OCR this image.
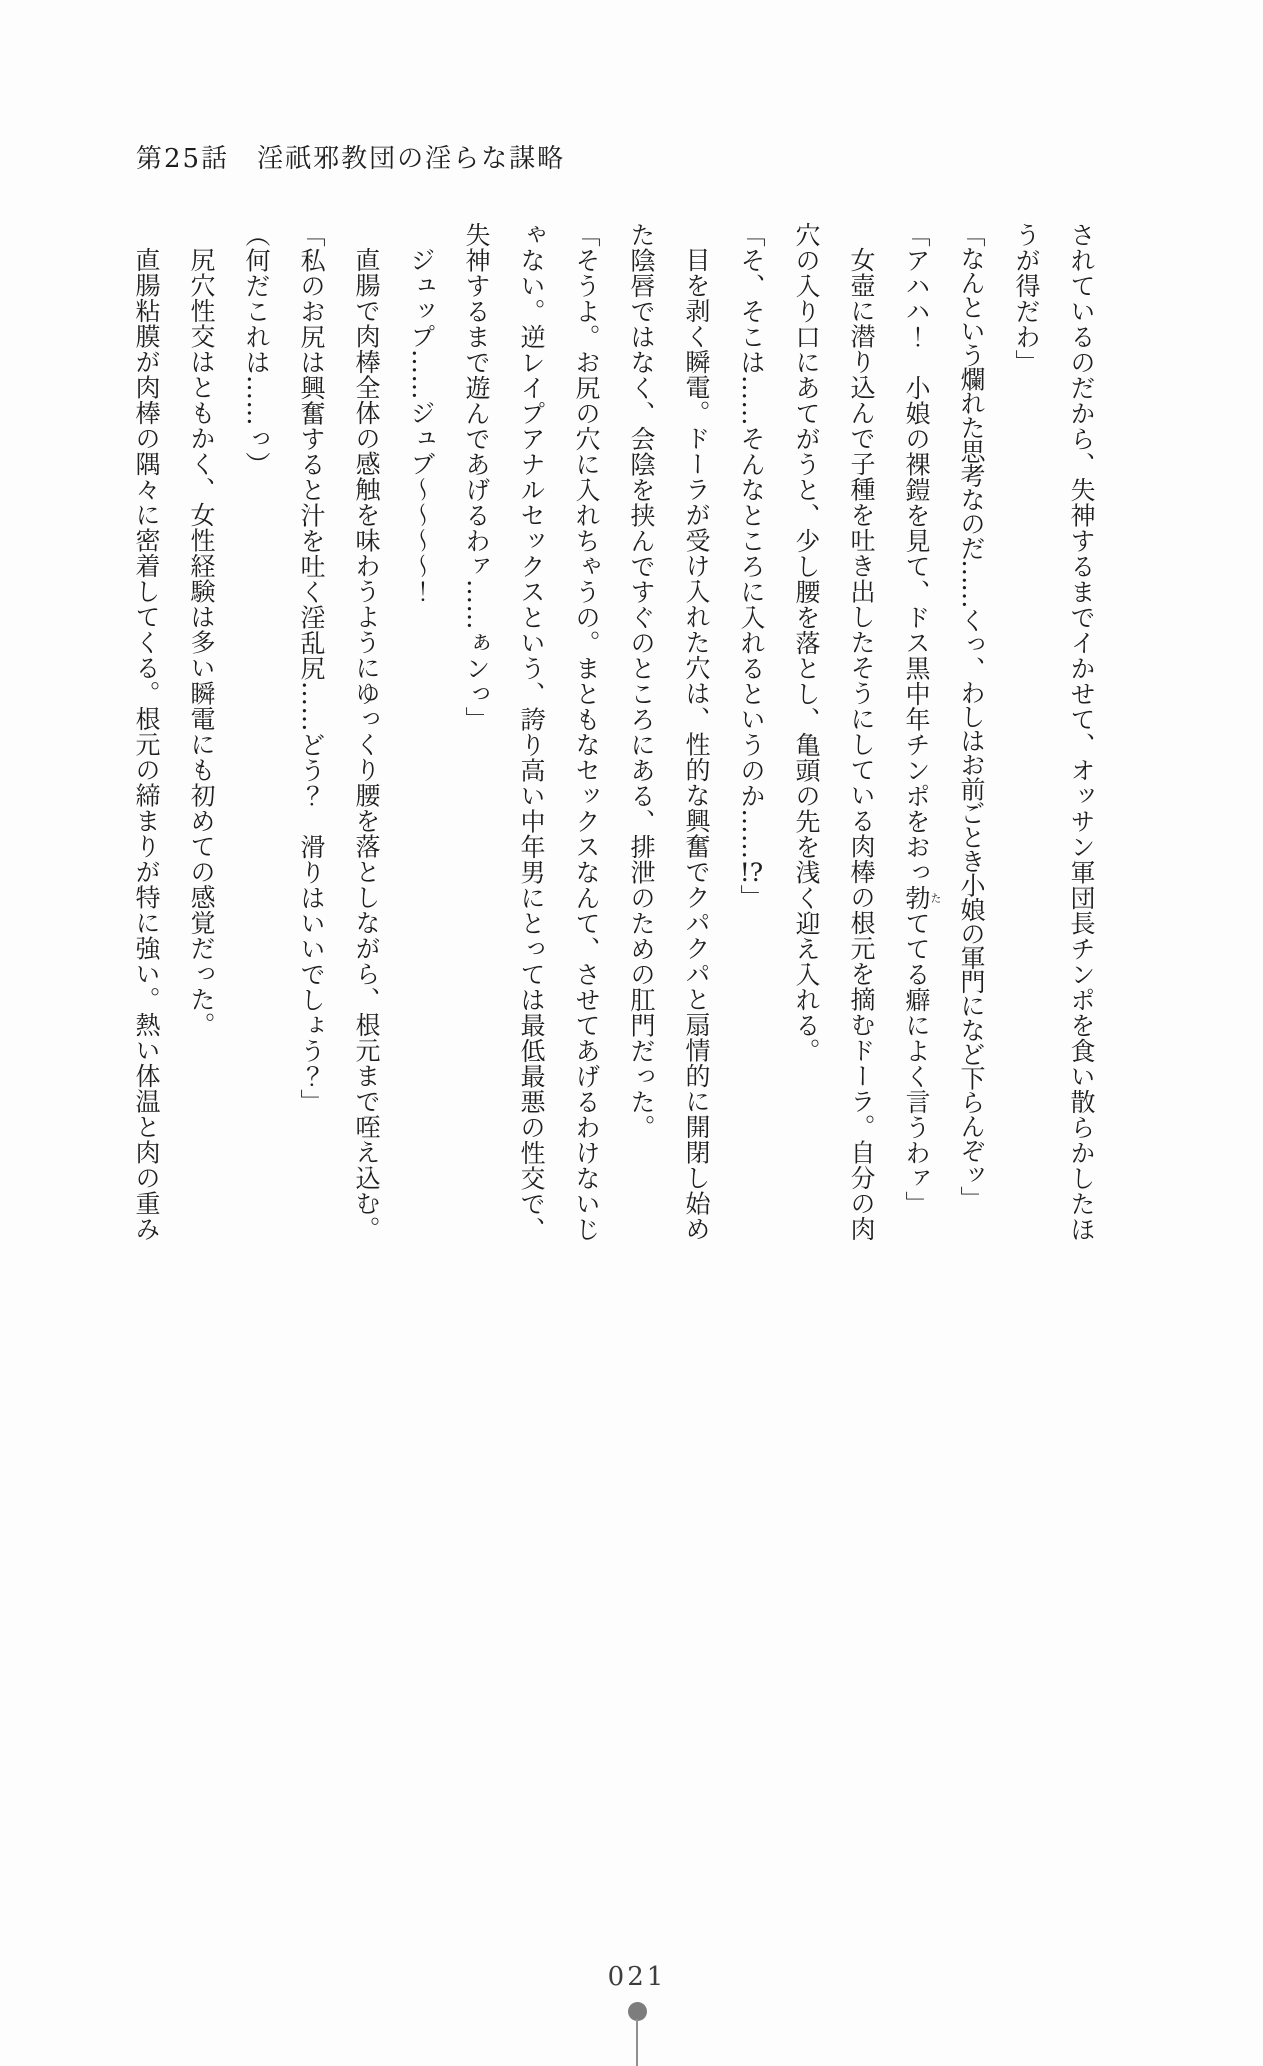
第25話　淫祇邪教団の淫らな謀略

されているのだから、失神するまでイかせて、オッサン軍団長チンポを食い散らかしたほ

うが得だわ」

「なんという爛れた思考なのだ……くっ、わしはお前ごとき小娘の軍門になど下らんぞッ」

「アハハ！　小娘の裸鎧を見て、ドス黒中年チンポをおっ勃たててる癖によく言うわァ」

女壺に潜り込んで子種を吐き出したそうにしている肉棒の根元を摘むドーラ。自分の肉

穴の入り口にあてがうと、少し腰を落とし、亀頭の先を浅く迎え入れる。

「そ、そこは……そんなところに入れるというのか……!?」

目を剥く瞬電。ドーラが受け入れた穴は、性的な興奮でクパクパと扇情的に開閉し始め

た陰唇ではなく、会陰を挟んですぐのところにある、排泄のための肛門だった。

「そうよ。お尻の穴に入れちゃうの。まともなセックスなんて、させてあげるわけないじ

ゃない。逆レイプアナルセックスという、誇り高い中年男にとっては最低最悪の性交で、

失神するまで遊んであげるわァ……ぁンっ」

ジュップ……ジュブ～～～～！

直腸で肉棒全体の感触を味わうようにゆっくり腰を落としながら、根元まで咥え込む。

「私のお尻は興奮すると汁を吐く淫乱尻……どう？　滑りはいいでしょう？」

（何だこれは……っ）

尻穴性交はともかく、女性経験は多い瞬電にも初めての感覚だった。

直腸粘膜が肉棒の隅々に密着してくる。根元の締まりが特に強い。熱い体温と肉の重み

021
